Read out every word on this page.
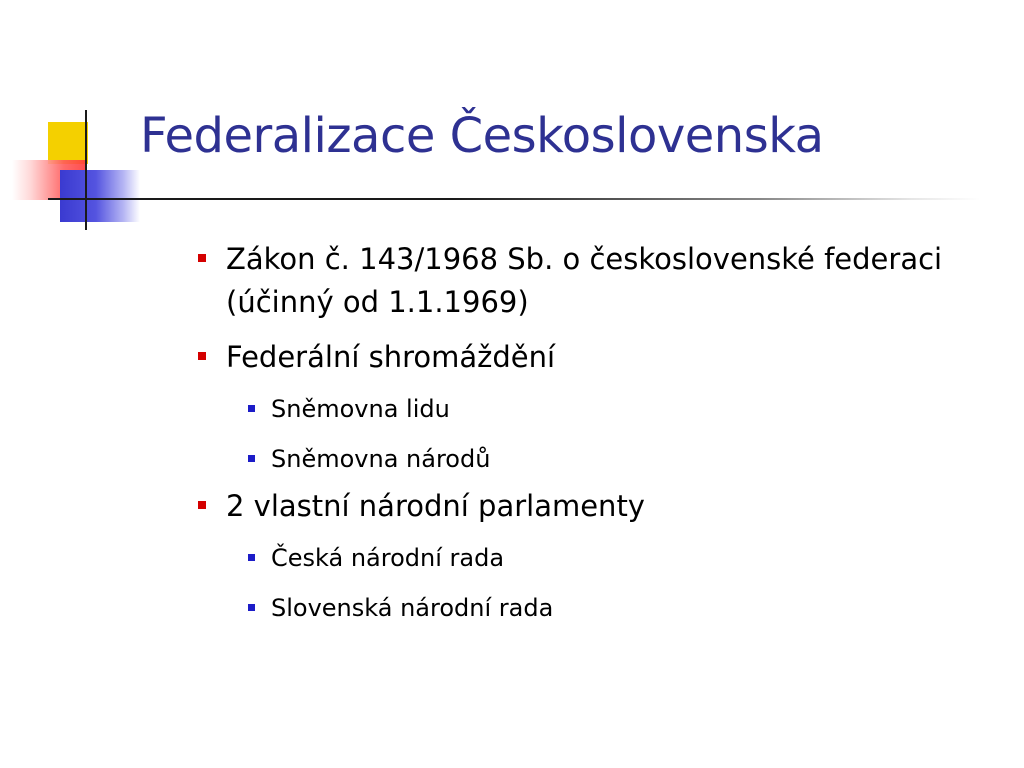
Federalizace Československa
Zákon č. 143/1968 Sb. o československé federaci (účinný od 1.1.1969)
Federální shromáždění
Sněmovna lidu
Sněmovna národů
2 vlastní národní parlamenty
Česká národní rada
Slovenská národní rada
